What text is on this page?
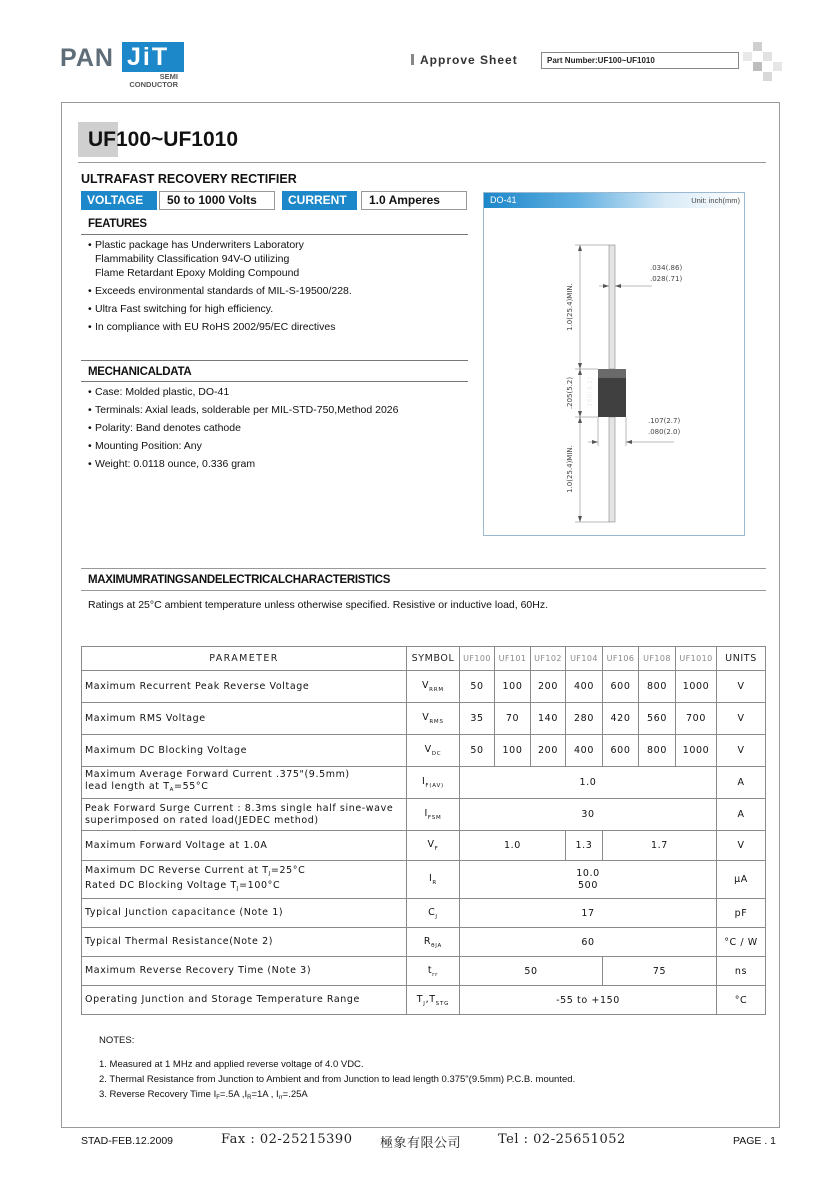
PAN JiT
SEMI
CONDUCTOR
Approve Sheet	Part Number:UF100~UF1010
UF100~UF1010
ULTRAFAST RECOVERY RECTIFIER
VOLTAGE	50 to 1000 Volts	CURRENT	1.0 Amperes
FEATURES
• Plastic package has Underwriters Laboratory
Flammability Classification 94V-O utilizing
Flame Retardant Epoxy Molding Compound
• Exceeds environmental standards of MIL-S-19500/228.
• Ultra Fast switching for high efficiency.
• In compliance with EU RoHS 2002/95/EC directives
MECHANICALDATA
• Case: Molded plastic, DO-41
• Terminals: Axial leads, solderable per MIL-STD-750,Method 2026
• Polarity: Band denotes cathode
• Mounting Position: Any
• Weight: 0.0118 ounce, 0.336 gram
DO-41	Unit: inch(mm)
1.0(25.4)MIN.
.205(5.2) .160(4.1)
1.0(25.4)MIN.
.034(.86)
.028(.71)
.107(2.7)
.080(2.0)
MAXIMUMRATINGSANDELECTRICALCHARACTERISTICS
Ratings at 25°C ambient temperature unless otherwise specified. Resistive or inductive load, 60Hz.
PARAMETER	SYMBOL	UF100	UF101	UF102	UF104	UF106	UF108	UF1010	UNITS
Maximum Recurrent Peak Reverse Voltage	$V_{RRM}$	50	100	200	400	600	800	1000	V
Maximum RMS Voltage	$V_{RMS}$	35	70	140	280	420	560	700	V
Maximum DC Blocking Voltage	$V_{DC}$	50	100	200	400	600	800	1000	V
Maximum Average Forward Current .375"(9.5mm)
lead length at $T_A=55^\circ C$	$I_{F(AV)}$	1.0							A
Peak Forward Surge Current : 8.3ms single half sine-wave
superimposed on rated load(JEDEC method)	$I_{FSM}$	30							A
Maximum Forward Voltage at 1.0A	$V_F$	1.0			1.3	1.7			V
Maximum DC Reverse Current at $T_J=25^\circ C$
Rated DC Blocking Voltage $T_J=100^\circ C$	$I_R$	10.0
500							µA
Typical Junction capacitance (Note 1)	$C_J$	17							pF
Typical Thermal Resistance(Note 2)	$R_{\theta JA}$	60							°C / W
Maximum Reverse Recovery Time (Note 3)	$t_{rr}$	50				75			ns
Operating Junction and Storage Temperature Range	$T_J,T_{STG}$	-55 to +150							°C
NOTES:
1. Measured at 1 MHz and applied reverse voltage of 4.0 VDC.
2. Thermal Resistance from Junction to Ambient and from Junction to lead length 0.375"(9.5mm) P.C.B. mounted.
3. Reverse Recovery Time $I_F=.5A$ $,I_R=1A$ , $I_{rr}=.25A$
STAD-FEB.12.2009	Fax : 02-25215390 極象有限公司	Tel : 02-25651052	PAGE . 1
